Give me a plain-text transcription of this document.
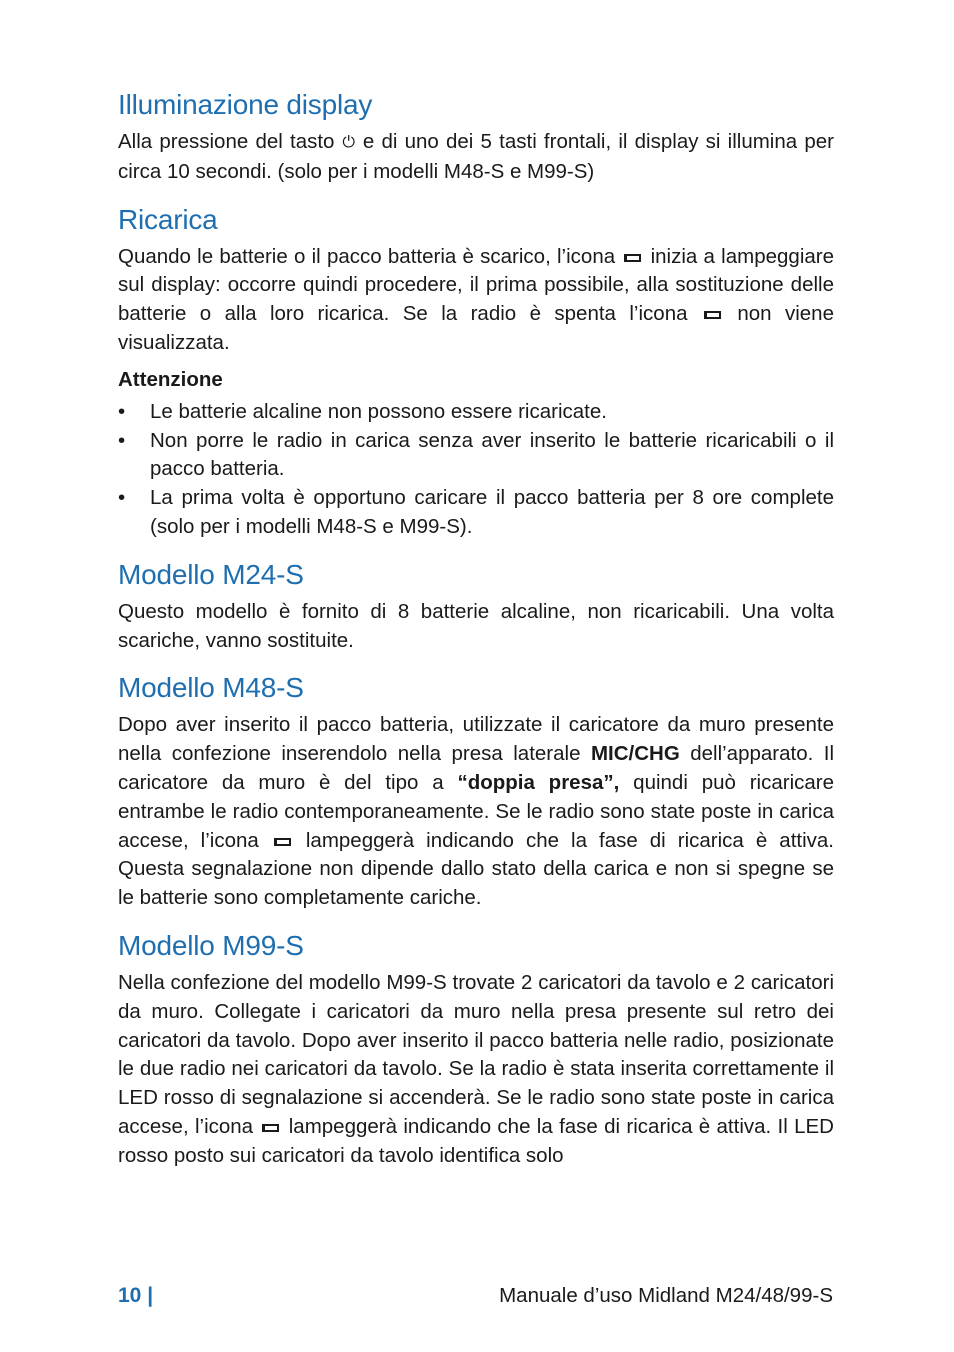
Illuminazione display

Alla pressione del tasto ⏻ e di uno dei 5 tasti frontali, il display si illumina per circa 10 secondi. (solo per i modelli M48-S e M99-S)

Ricarica

Quando le batterie o il pacco batteria è scarico, l’icona inizia a lampeggiare sul display: occorre quindi procedere, il prima possibile, alla sostituzione delle batterie o alla loro ricarica. Se la radio è spenta l’icona non viene visualizzata.

Attenzione
•	Le batterie alcaline non possono essere ricaricate.
•	Non porre le radio in carica senza aver inserito le batterie ricaricabili o il pacco batteria.
•	La prima volta è opportuno caricare il pacco batteria per 8 ore complete (solo per i modelli M48-S e M99-S).
Modello M24-S

Questo modello è fornito di 8 batterie alcaline, non ricaricabili. Una volta scariche, vanno sostituite.

Modello M48-S

Dopo aver inserito il pacco batteria, utilizzate il caricatore da muro presente nella confezione inserendolo nella presa laterale MIC/CHG dell’apparato. Il caricatore da muro è del tipo a “doppia presa”, quindi può ricaricare entrambe le radio contemporaneamente. Se le radio sono state poste in carica accese, l’icona lampeggerà indicando che la fase di ricarica è attiva. Questa segnalazione non dipende dallo stato della carica e non si spegne se le batterie sono completamente cariche.

Modello M99-S

Nella confezione del modello M99-S trovate 2 caricatori da tavolo e 2 caricatori da muro. Collegate i caricatori da muro nella presa presente sul retro dei caricatori da tavolo. Dopo aver inserito il pacco batteria nelle radio, posizionate le due radio nei caricatori da tavolo. Se la radio è stata inserita correttamente il LED rosso di segnalazione si accenderà. Se le radio sono state poste in carica accese, l’icona lampeggerà indicando che la fase di ricarica è attiva. Il LED rosso posto sui caricatori da tavolo identifica solo

10 |	Manuale d’uso Midland M24/48/99-S
